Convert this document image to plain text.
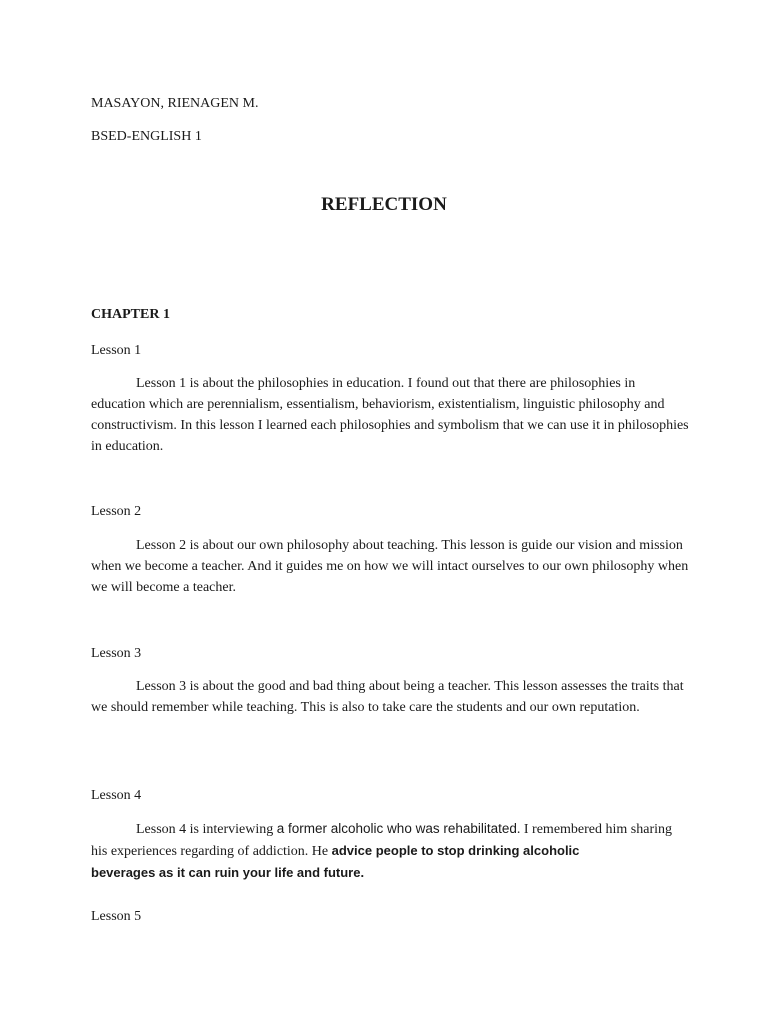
MASAYON, RIENAGEN M.
BSED-ENGLISH 1
REFLECTION
CHAPTER 1
Lesson 1

Lesson 1 is about the philosophies in education. I found out that there are philosophies in education which are perennialism, essentialism, behaviorism, existentialism, linguistic philosophy and constructivism. In this lesson I learned each philosophies and symbolism that we can use it in philosophies in education.

Lesson 2

Lesson 2 is about our own philosophy about teaching. This lesson is guide our vision and mission when we become a teacher. And it guides me on how we will intact ourselves to our own philosophy when we will become a teacher.

Lesson 3

Lesson 3 is about the good and bad thing about being a teacher. This lesson assesses the traits that we should remember while teaching. This is also to take care the students and our own reputation.

Lesson 4

Lesson 4 is interviewing a former alcoholic who was rehabilitated. I remembered him sharing his experiences regarding of addiction. He advice people to stop drinking alcoholic
beverages as it can ruin your life and future.

Lesson 5
